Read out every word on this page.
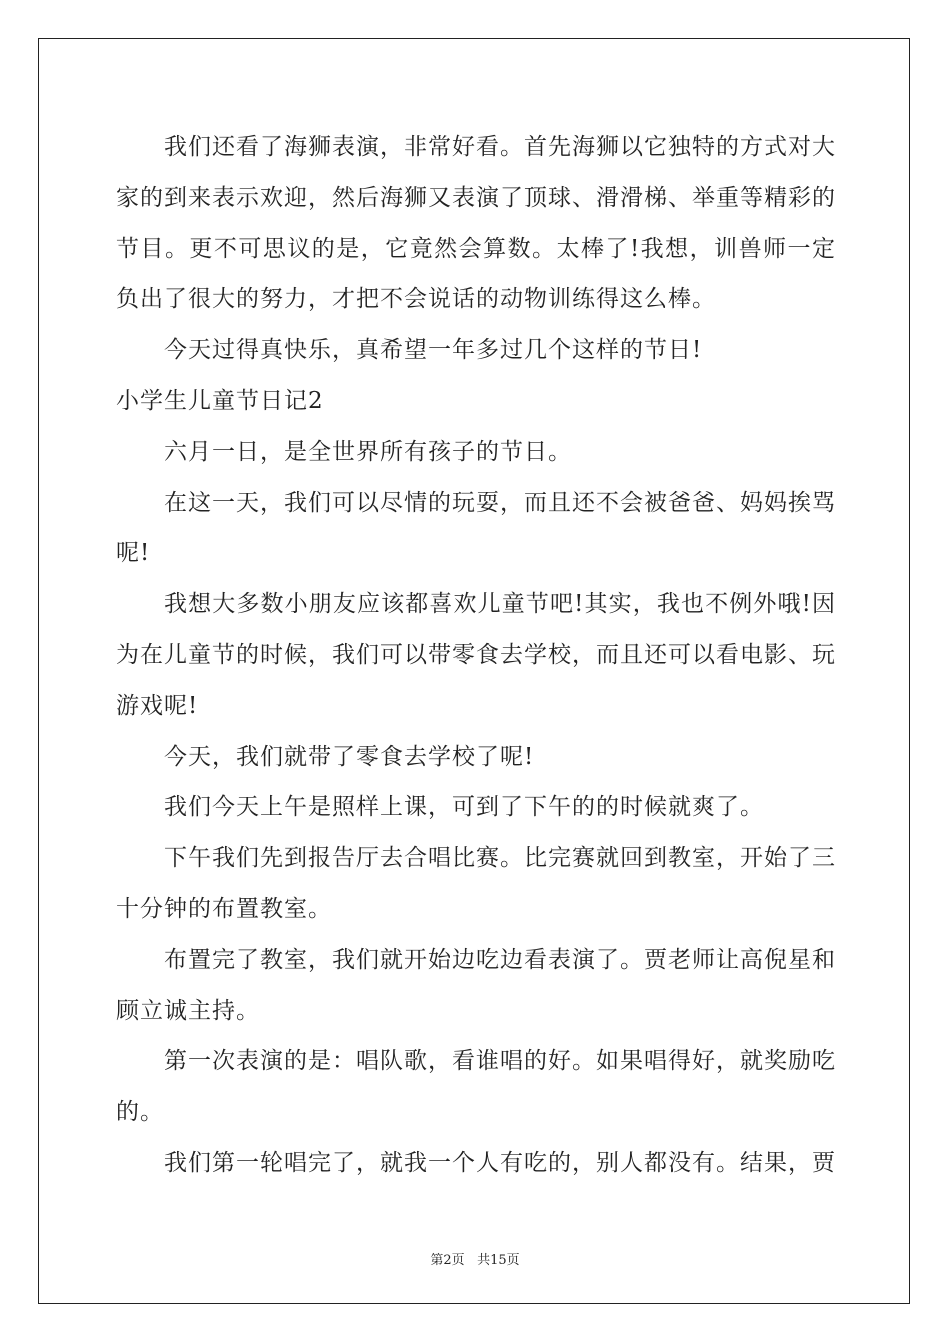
我们还看了海狮表演，非常好看。首先海狮以它独特的方式对大家的到来表示欢迎，然后海狮又表演了顶球、滑滑梯、举重等精彩的节目。更不可思议的是，它竟然会算数。太棒了!我想，训兽师一定负出了很大的努力，才把不会说话的动物训练得这么棒。

今天过得真快乐，真希望一年多过几个这样的节日!

小学生儿童节日记2

六月一日，是全世界所有孩子的节日。

在这一天，我们可以尽情的玩耍，而且还不会被爸爸、妈妈挨骂呢!

我想大多数小朋友应该都喜欢儿童节吧!其实，我也不例外哦!因为在儿童节的时候，我们可以带零食去学校，而且还可以看电影、玩游戏呢!

今天，我们就带了零食去学校了呢!

我们今天上午是照样上课，可到了下午的的时候就爽了。

下午我们先到报告厅去合唱比赛。比完赛就回到教室，开始了三十分钟的布置教室。

布置完了教室，我们就开始边吃边看表演了。贾老师让高倪星和顾立诚主持。

第一次表演的是：唱队歌，看谁唱的好。如果唱得好，就奖励吃的。

我们第一轮唱完了，就我一个人有吃的，别人都没有。结果，贾

第2页 共15页
